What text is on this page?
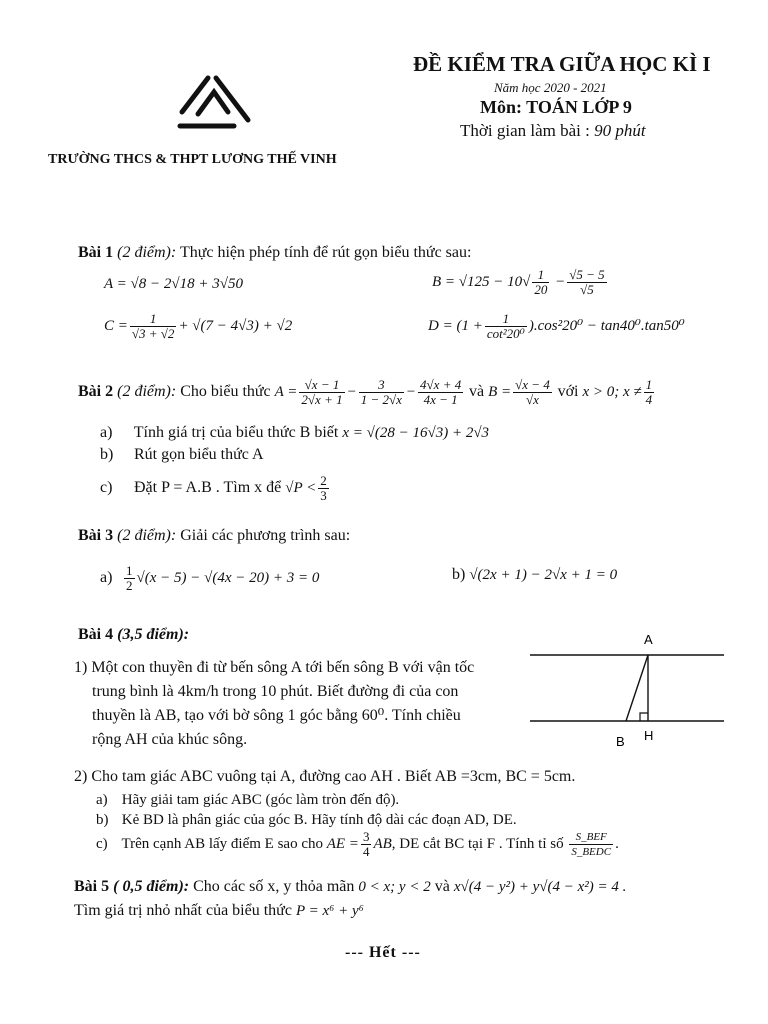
ĐỀ KIỂM TRA GIỮA HỌC KÌ I
Năm học 2020 - 2021
Môn: TOÁN LỚP 9
Thời gian làm bài : 90 phút
TRƯỜNG THCS & THPT LƯƠNG THẾ VINH
Bài 1 (2 điểm): Thực hiện phép tính để rút gọn biểu thức sau:
A = √8 − 2√18 + 3√50	$B = √125 - 10√ \frac{1}{20} - \frac{√5 - 5}{√5}$
$C = \frac{1}{√3 + √2} + √(7 - 4√3) + √2$	$D = (1 + \frac{1}{\text{cot²20⁰}} ).\cos^220^0 - \tan 40^0.\tan 50^0$
Bài 2 (2 điểm): Cho biểu thức $A = \frac{√x - 1}{2√x + 1} - \frac{3}{1 - 2√x} - \frac{4√x + 4}{4x - 1}$ và $B = \frac{√x - 4}{√x}$ với x > 0; $x \ne \frac{1}{4}$
a) Tính giá trị của biểu thức B biết x = √(28 − 16√3) + 2√3
b) Rút gọn biểu thức A
c) Đặt P = A.B . Tìm x để $√P < \frac{2}{3}$
Bài 3 (2 điểm): Giải các phương trình sau:
$a) \frac{1}{2} √(x - 5) - √(4x - 20) + 3 = 0$	b) √(2x + 1) − 2√x + 1 = 0
Bài 4 (3,5 điểm):
1) Một con thuyền đi từ bến sông A tới bến sông B với vận tốc
trung bình là 4km/h trong 10 phút. Biết đường đi của con
thuyền là AB, tạo với bờ sông 1 góc bằng 60⁰. Tính chiều
rộng AH của khúc sông.
A
B H
2) Cho tam giác ABC vuông tại A, đường cao AH . Biết AB =3cm, BC = 5cm.
a) Hãy giải tam giác ABC (góc làm tròn đến độ).
b) Kẻ BD là phân giác của góc B. Hãy tính độ dài các đoạn AD, DE.
c) Trên cạnh AB lấy điểm E sao cho AE = $\frac{3}{4}$ AB, DE cắt BC tại F . Tính tỉ số $\frac{\text{S\_BEF}}{\text{S\_BEDC}}$ .
Bài 5 ( 0,5 điểm): Cho các số x, y thỏa mãn 0 < x; y < 2 và x√(4 − y²) + y√(4 − x²) = 4 .
Tìm giá trị nhỏ nhất của biểu thức P = x⁶ + y⁶
--- Hết ---
